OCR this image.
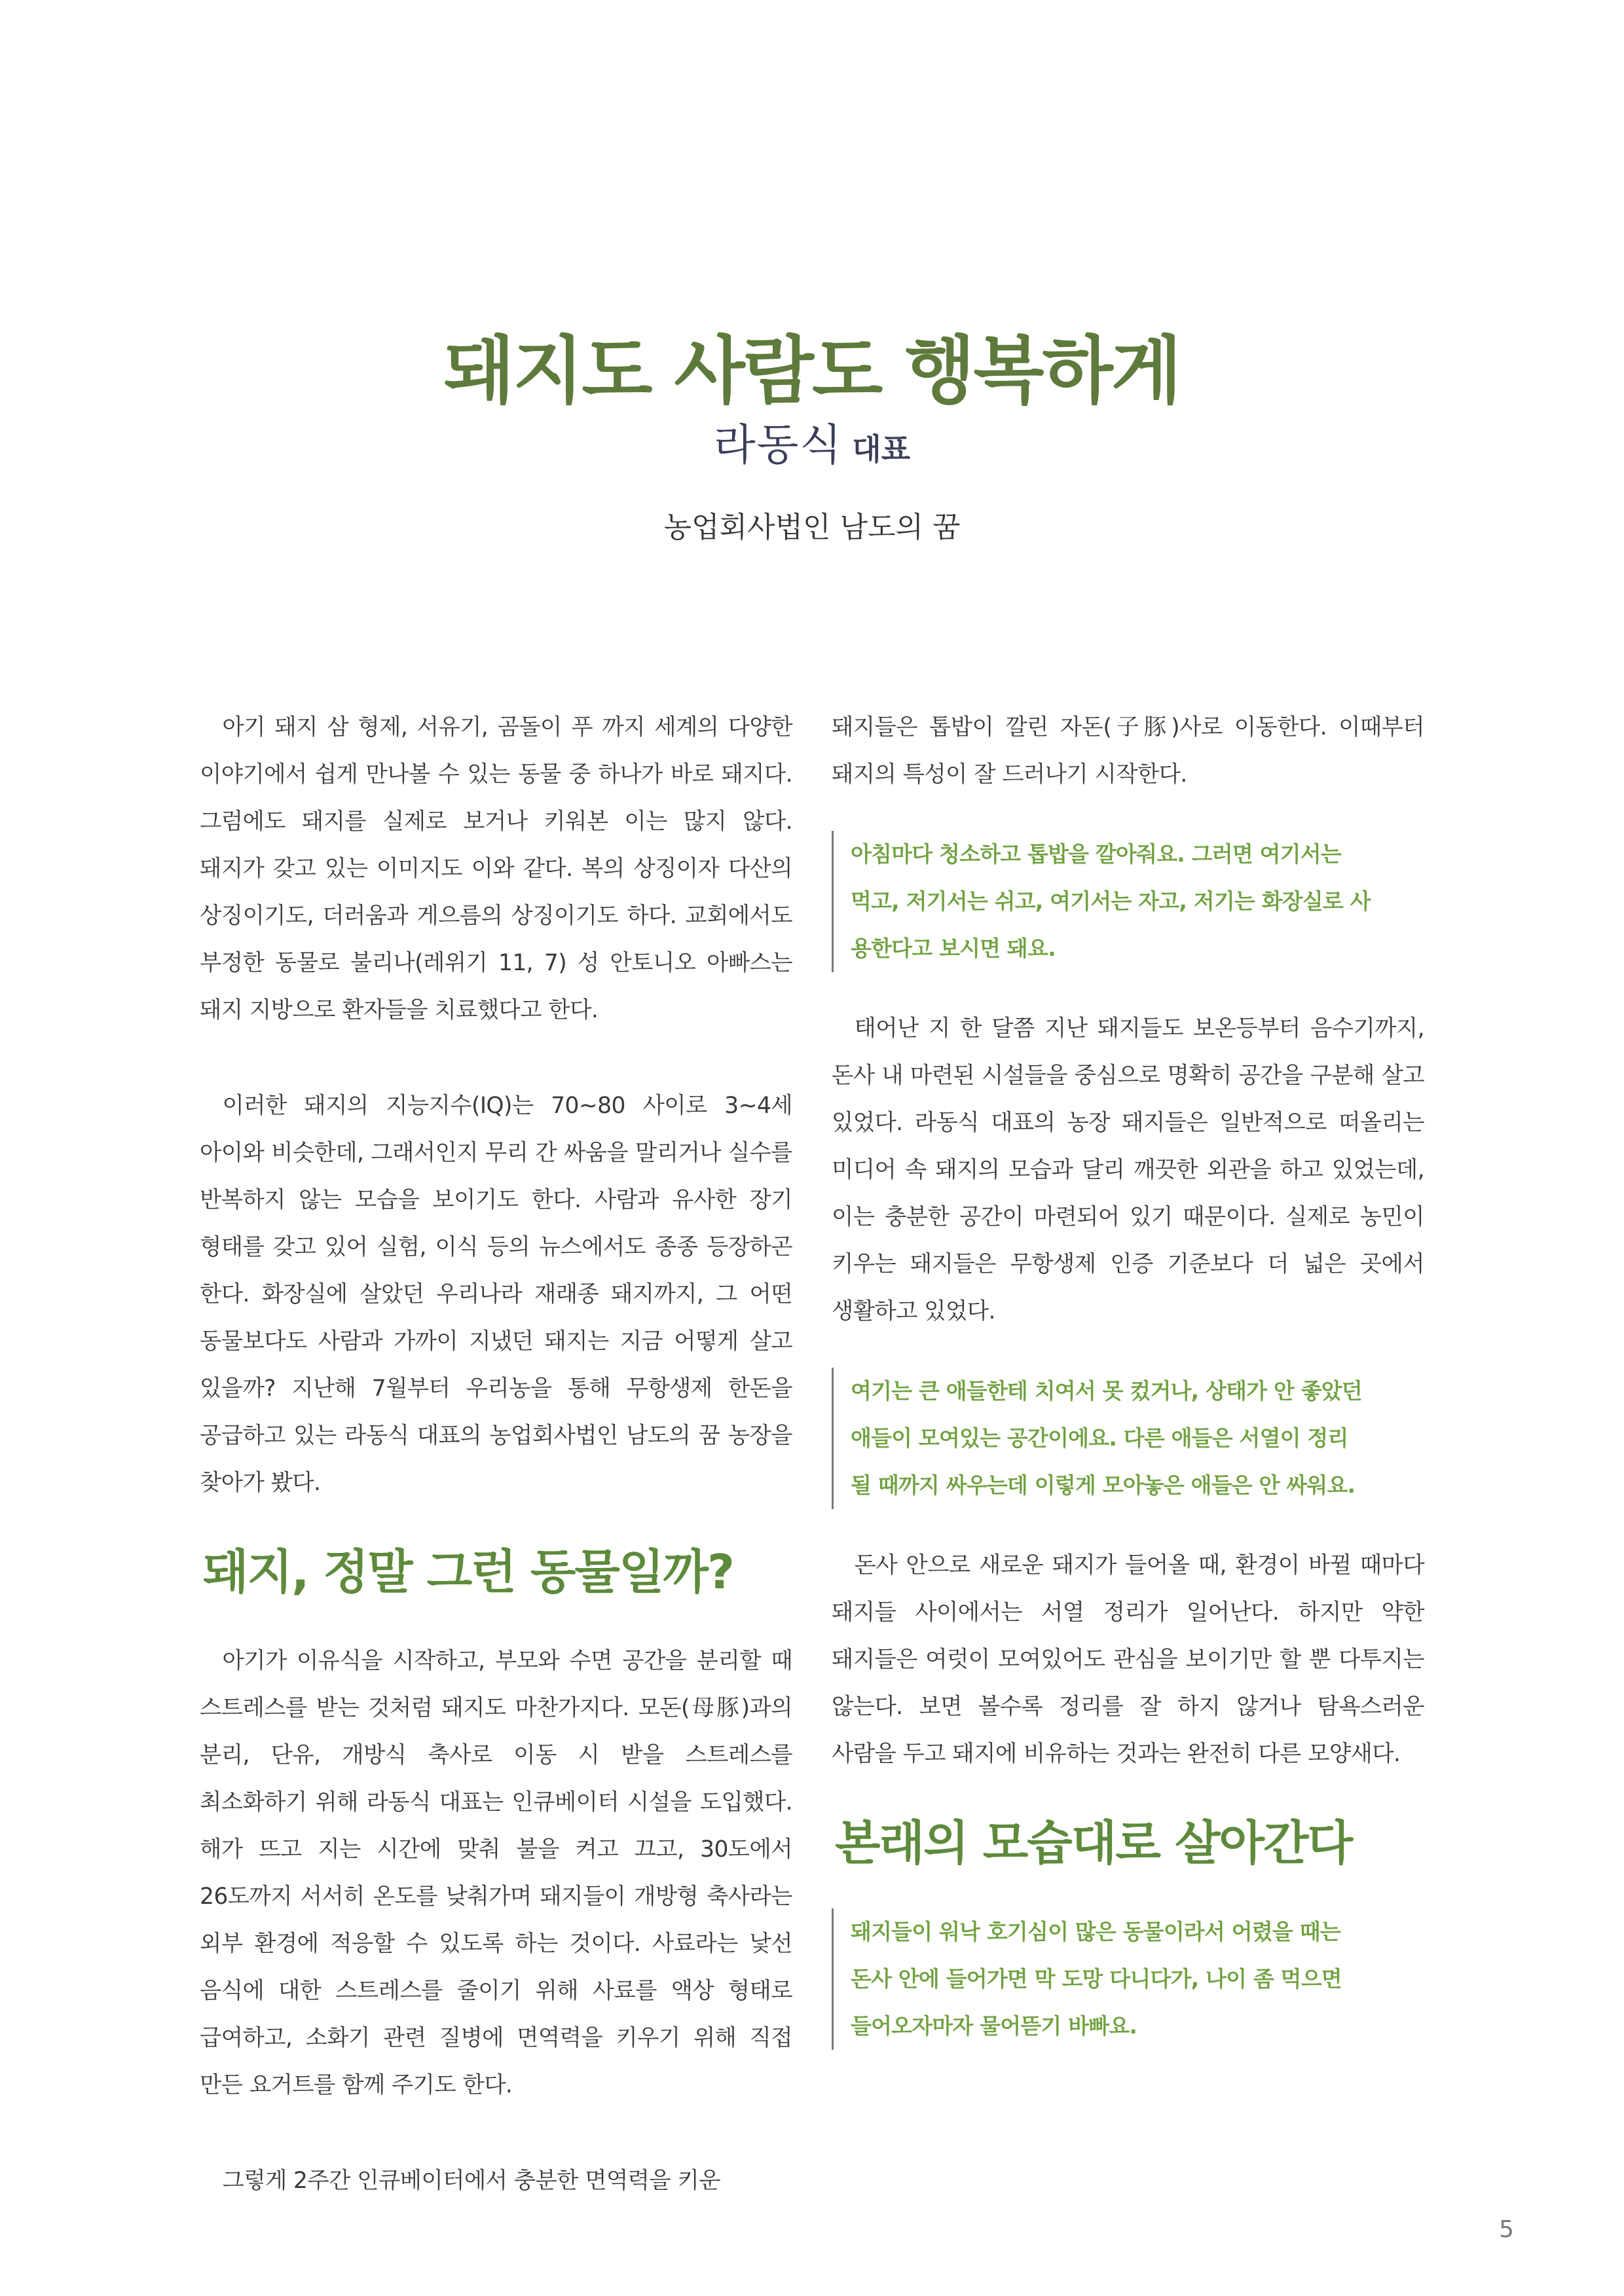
돼지도 사람도 행복하게
라동식 대표
농업회사법인 남도의 꿈

아기 돼지 삼 형제, 서유기, 곰돌이 푸 까지 세계의 다양한 이야기에서 쉽게 만나볼 수 있는 동물 중 하나가 바로 돼지다. 그럼에도 돼지를 실제로 보거나 키워본 이는 많지 않다. 돼지가 갖고 있는 이미지도 이와 같다. 복의 상징이자 다산의 상징이기도, 더러움과 게으름의 상징이기도 하다. 교회에서도 부정한 동물로 불리나(레위기 11, 7) 성 안토니오 아빠스는 돼지 지방으로 환자들을 치료했다고 한다.

이러한 돼지의 지능지수(IQ)는 70~80 사이로 3~4세 아이와 비슷한데, 그래서인지 무리 간 싸움을 말리거나 실수를 반복하지 않는 모습을 보이기도 한다. 사람과 유사한 장기 형태를 갖고 있어 실험, 이식 등의 뉴스에서도 종종 등장하곤 한다. 화장실에 살았던 우리나라 재래종 돼지까지, 그 어떤 동물보다도 사람과 가까이 지냈던 돼지는 지금 어떻게 살고 있을까? 지난해 7월부터 우리농을 통해 무항생제 한돈을 공급하고 있는 라동식 대표의 농업회사법인 남도의 꿈 농장을 찾아가 봤다.

돼지, 정말 그런 동물일까?

아기가 이유식을 시작하고, 부모와 수면 공간을 분리할 때 스트레스를 받는 것처럼 돼지도 마찬가지다. 모돈(母豚)과의 분리, 단유, 개방식 축사로 이동 시 받을 스트레스를 최소화하기 위해 라동식 대표는 인큐베이터 시설을 도입했다. 해가 뜨고 지는 시간에 맞춰 불을 켜고 끄고, 30도에서 26도까지 서서히 온도를 낮춰가며 돼지들이 개방형 축사라는 외부 환경에 적응할 수 있도록 하는 것이다. 사료라는 낯선 음식에 대한 스트레스를 줄이기 위해 사료를 액상 형태로 급여하고, 소화기 관련 질병에 면역력을 키우기 위해 직접 만든 요거트를 함께 주기도 한다.

그렇게 2주간 인큐베이터에서 충분한 면역력을 키운

돼지들은 톱밥이 깔린 자돈(子豚)사로 이동한다. 이때부터 돼지의 특성이 잘 드러나기 시작한다.

아침마다 청소하고 톱밥을 깔아줘요. 그러면 여기서는

먹고, 저기서는 쉬고, 여기서는 자고, 저기는 화장실로 사

용한다고 보시면 돼요.

태어난 지 한 달쯤 지난 돼지들도 보온등부터 음수기까지, 돈사 내 마련된 시설들을 중심으로 명확히 공간을 구분해 살고 있었다. 라동식 대표의 농장 돼지들은 일반적으로 떠올리는 미디어 속 돼지의 모습과 달리 깨끗한 외관을 하고 있었는데, 이는 충분한 공간이 마련되어 있기 때문이다. 실제로 농민이 키우는 돼지들은 무항생제 인증 기준보다 더 넓은 곳에서 생활하고 있었다.

여기는 큰 애들한테 치여서 못 컸거나, 상태가 안 좋았던

애들이 모여있는 공간이에요. 다른 애들은 서열이 정리

될 때까지 싸우는데 이렇게 모아놓은 애들은 안 싸워요.

돈사 안으로 새로운 돼지가 들어올 때, 환경이 바뀔 때마다 돼지들 사이에서는 서열 정리가 일어난다. 하지만 약한 돼지들은 여럿이 모여있어도 관심을 보이기만 할 뿐 다투지는 않는다. 보면 볼수록 정리를 잘 하지 않거나 탐욕스러운 사람을 두고 돼지에 비유하는 것과는 완전히 다른 모양새다.

본래의 모습대로 살아간다

돼지들이 워낙 호기심이 많은 동물이라서 어렸을 때는

돈사 안에 들어가면 막 도망 다니다가, 나이 좀 먹으면

들어오자마자 물어뜯기 바빠요.

5
